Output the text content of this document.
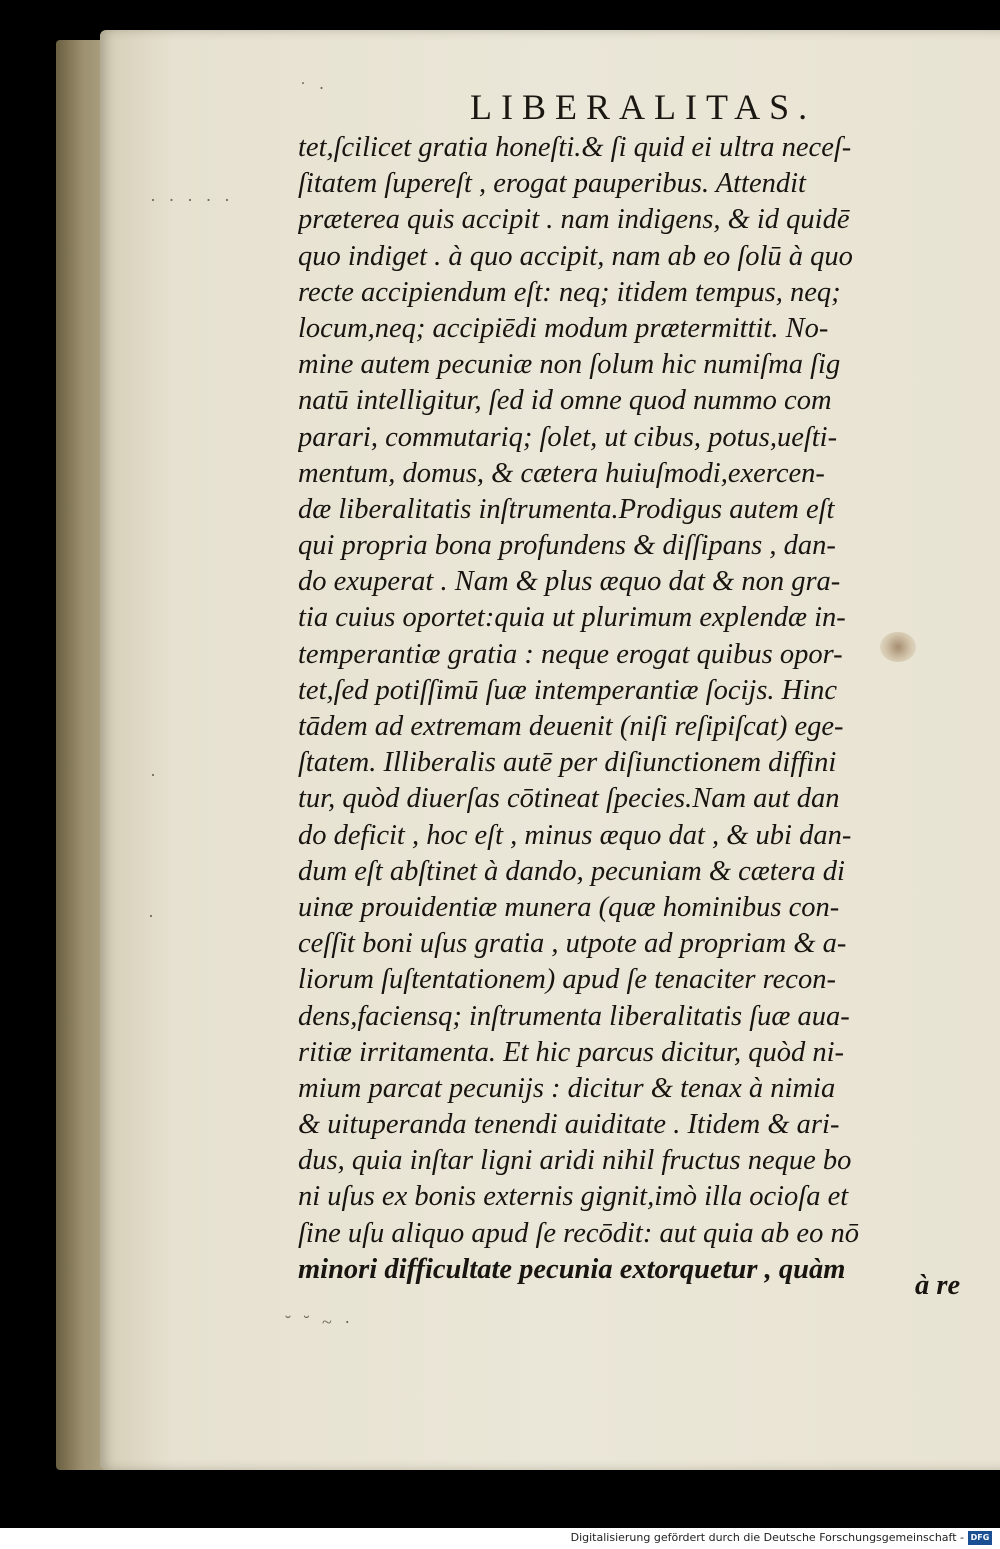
˙ ·
· · · · ·
·
·
˘ ˘ ~ ·
LIBERALITAS.
tet,ſcilicet gratia honeſti.& ſi quid ei ultra neceſ-
ſitatem ſupereſt , erogat pauperibus. Attendit
prӕterea quis accipit . nam indigens, & id quidē
quo indiget . à quo accipit, nam ab eo ſolū à quo
recte accipiendum eſt: neq; itidem tempus, neq;
locum,neq; accipiēdi modum prӕtermittit. No-
mine autem pecuniӕ non ſolum hic numiſma ſig
natū intelligitur, ſed id omne quod nummo com
parari, commutariq; ſolet, ut cibus, potus,ueſti-
mentum, domus, & cӕtera huiuſmodi,exercen-
dӕ liberalitatis inſtrumenta.Prodigus autem eſt
qui propria bona profundens & diſſipans , dan-
do exuperat . Nam & plus ӕquo dat & non gra-
tia cuius oportet:quia ut plurimum explendӕ in-
temperantiӕ gratia : neque erogat quibus opor-
tet,ſed potiſſimū ſuӕ intemperantiӕ ſocijs. Hinc
tādem ad extremam deuenit (niſi reſipiſcat) ege-
ſtatem. Illiberalis autē per diſiunctionem diffini
tur, quòd diuerſas cōtineat ſpecies.Nam aut dan
do deficit , hoc eſt , minus ӕquo dat , & ubi dan-
dum eſt abſtinet à dando, pecuniam & cӕtera di
uinӕ prouidentiӕ munera (quӕ hominibus con-
ceſſit boni uſus gratia , utpote ad propriam & a-
liorum ſuſtentationem) apud ſe tenaciter recon-
dens,faciensq; inſtrumenta liberalitatis ſuӕ aua-
ritiӕ irritamenta. Et hic parcus dicitur, quòd ni-
mium parcat pecunijs : dicitur & tenax à nimia
& uituperanda tenendi auiditate . Itidem & ari-
dus, quia inſtar ligni aridi nihil fructus neque bo
ni uſus ex bonis externis gignit,imò illa ocioſa et
ſine uſu aliquo apud ſe recōdit: aut quia ab eo nō
minori difficultate pecunia extorquetur , quàm
à re
Digitalisierung gefördert durch die Deutsche Forschungsgemeinschaft - DFG
